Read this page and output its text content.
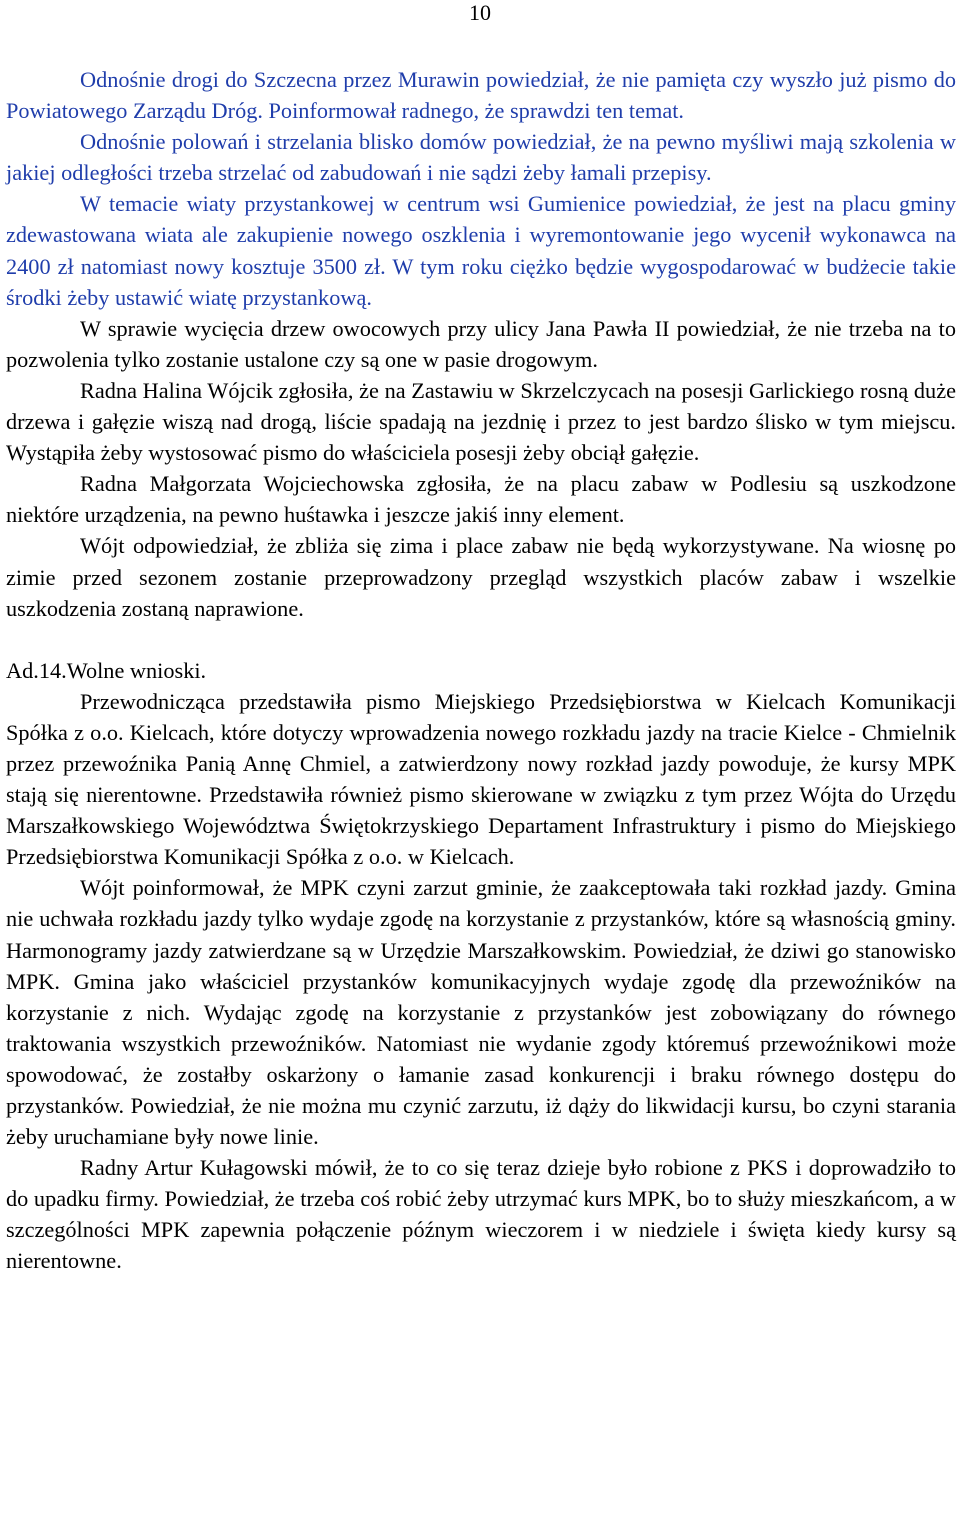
10

Odnośnie drogi do Szczecna przez Murawin powiedział, że nie pamięta czy wyszło już pismo do Powiatowego Zarządu Dróg. Poinformował radnego, że sprawdzi ten temat.

Odnośnie polowań i strzelania blisko domów powiedział, że na pewno myśliwi mają szkolenia w jakiej odległości trzeba strzelać od zabudowań i nie sądzi żeby łamali przepisy.

W temacie wiaty przystankowej w centrum wsi Gumienice powiedział, że jest na placu gminy zdewastowana wiata ale zakupienie nowego oszklenia i wyremontowanie jego wycenił wykonawca na 2400 zł natomiast nowy kosztuje 3500 zł. W tym roku ciężko będzie wygospodarować w budżecie takie środki żeby ustawić wiatę przystankową.

W sprawie wycięcia drzew owocowych przy ulicy Jana Pawła II powiedział, że nie trzeba na to pozwolenia tylko zostanie ustalone czy są one w pasie drogowym.

Radna Halina Wójcik zgłosiła, że na Zastawiu w Skrzelczycach na posesji Garlickiego rosną duże drzewa i gałęzie wiszą nad drogą, liście spadają na jezdnię i przez to jest bardzo ślisko w tym miejscu. Wystąpiła żeby wystosować pismo do właściciela posesji żeby obciął gałęzie.

Radna Małgorzata Wojciechowska zgłosiła, że na placu zabaw w Podlesiu są uszkodzone niektóre urządzenia, na pewno huśtawka i jeszcze jakiś inny element.

Wójt odpowiedział, że zbliża się zima i place zabaw nie będą wykorzystywane. Na wiosnę po zimie przed sezonem zostanie przeprowadzony przegląd wszystkich placów zabaw i wszelkie uszkodzenia zostaną naprawione.

Ad.14.Wolne wnioski.

Przewodnicząca przedstawiła pismo Miejskiego Przedsiębiorstwa w Kielcach Komunikacji Spółka z o.o. Kielcach, które dotyczy wprowadzenia nowego rozkładu jazdy na tracie Kielce - Chmielnik przez przewoźnika Panią Annę Chmiel, a zatwierdzony nowy rozkład jazdy powoduje, że kursy MPK stają się nierentowne. Przedstawiła również pismo skierowane w związku z tym przez Wójta do Urzędu Marszałkowskiego Województwa Świętokrzyskiego Departament Infrastruktury i pismo do Miejskiego Przedsiębiorstwa Komunikacji Spółka z o.o. w Kielcach.

Wójt poinformował, że MPK czyni zarzut gminie, że zaakceptowała taki rozkład jazdy. Gmina nie uchwała rozkładu jazdy tylko wydaje zgodę na korzystanie z przystanków, które są własnością gminy. Harmonogramy jazdy zatwierdzane są w Urzędzie Marszałkowskim. Powiedział, że dziwi go stanowisko MPK. Gmina jako właściciel przystanków komunikacyjnych wydaje zgodę dla przewoźników na korzystanie z nich. Wydając zgodę na korzystanie z przystanków jest zobowiązany do równego traktowania wszystkich przewoźników. Natomiast nie wydanie zgody któremuś przewoźnikowi może spowodować, że zostałby oskarżony o łamanie zasad konkurencji i braku równego dostępu do przystanków. Powiedział, że nie można mu czynić zarzutu, iż dąży do likwidacji kursu, bo czyni starania żeby uruchamiane były nowe linie.

Radny Artur Kułagowski mówił, że to co się teraz dzieje było robione z PKS i doprowadziło to do upadku firmy. Powiedział, że trzeba coś robić żeby utrzymać kurs MPK, bo to służy mieszkańcom, a w szczególności MPK zapewnia połączenie późnym wieczorem i w niedziele i święta kiedy kursy są nierentowne.
